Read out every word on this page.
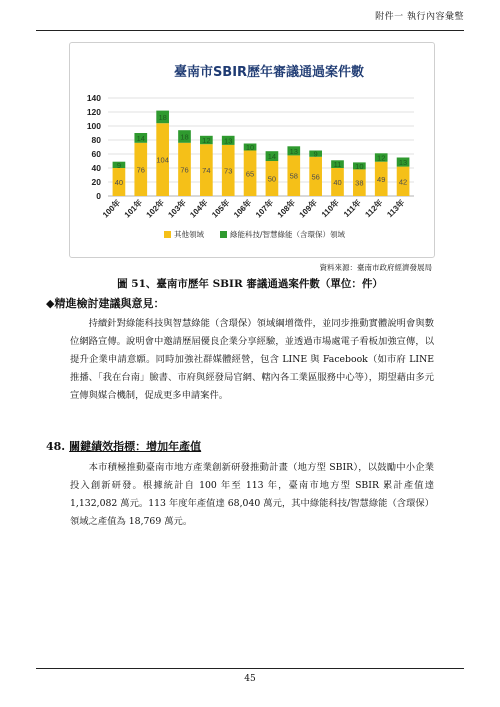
附件一 執行內容彙整
臺南市SBIR歷年審議通過案件數
0
20
40
60
80
100
120
140
40
9
100年
76
14
101年
104
18
102年
76
18
103年
74
12
104年
73
13
105年
65
10
106年
50
14
107年
58
13
108年
56
9
109年
40
11
110年
38
10
111年
49
12
112年
42
13
113年
其他領域	綠能科技/智慧綠能（含環保）領域
資料來源：臺南市政府經濟發展局
圖 51、臺南市歷年 SBIR 審議通過案件數（單位：件）
◆精進檢討建議與意見：

持續針對綠能科技與智慧綠能（含環保）領域綱增徵件，並同步推動實體說明會與數位網路宣傳。說明會中邀請歷屆優良企業分享經驗，並透過市場處電子看板加強宣傳，以提升企業申請意願。同時加強社群媒體經營，包含 LINE 與 Facebook（如市府 LINE 推播、「我在台南」臉書、市府與經發局官網、轄內各工業區服務中心等），期望藉由多元宣傳與媒合機制，促成更多申請案件。

48. 關鍵績效指標：增加年產值

本市積極推動臺南市地方產業創新研發推動計畫（地方型 SBIR），以鼓勵中小企業投入創新研發。根據統計自 100 年至 113 年，臺南市地方型 SBIR 累計產值達 1,132,082 萬元。113 年度年產值達 68,040 萬元，其中綠能科技/智慧綠能（含環保）領域之產值為 18,769 萬元。

45
